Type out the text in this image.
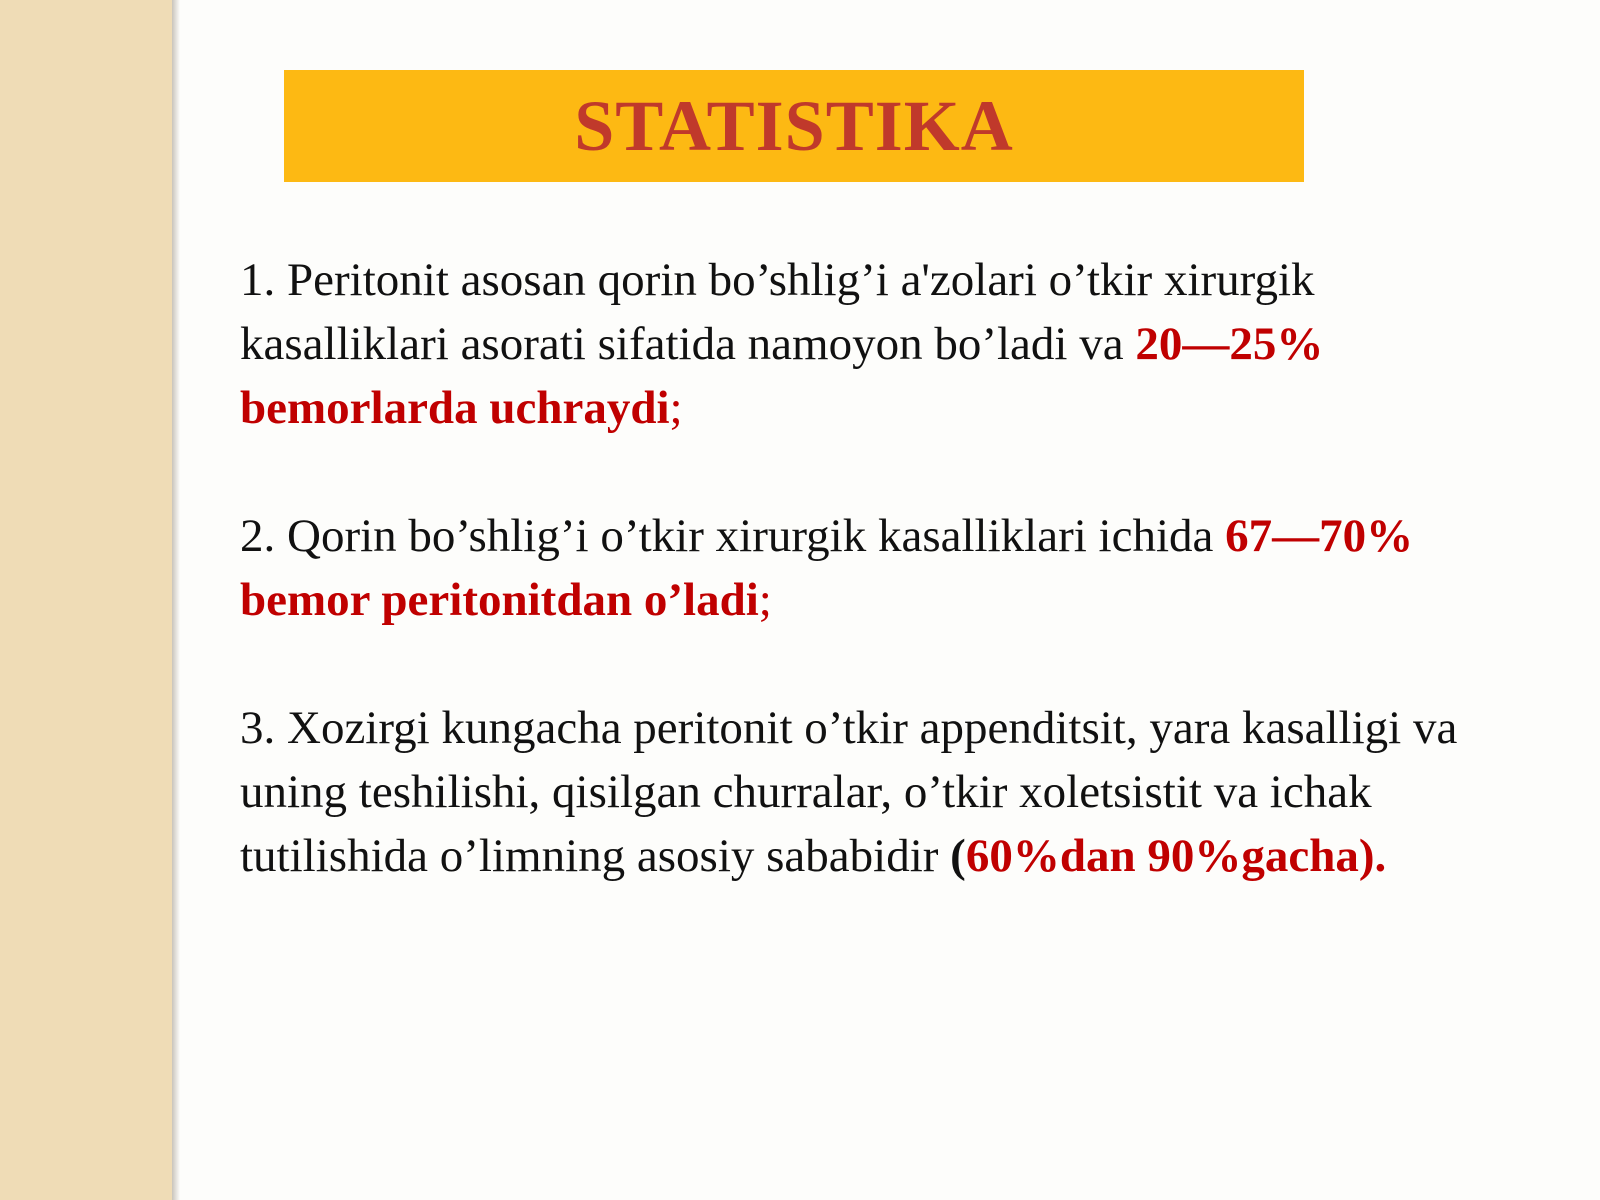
STATISTIKA

1. Peritonit asosan qorin bo’shlig’i a'zolari o’tkir xirurgik kasalliklari asorati sifatida namoyon bo’ladi va 20—25% bemorlarda uchraydi;

2. Qorin bo’shlig’i o’tkir xirurgik kasalliklari ichida 67—70% bemor peritonitdan o’ladi;

3. Xozirgi kungacha peritonit o’tkir appenditsit, yara kasalligi va uning teshilishi, qisilgan churralar, o’tkir xoletsistit va ichak tutilishida o’limning asosiy sababidir (60%dan 90%gacha).
